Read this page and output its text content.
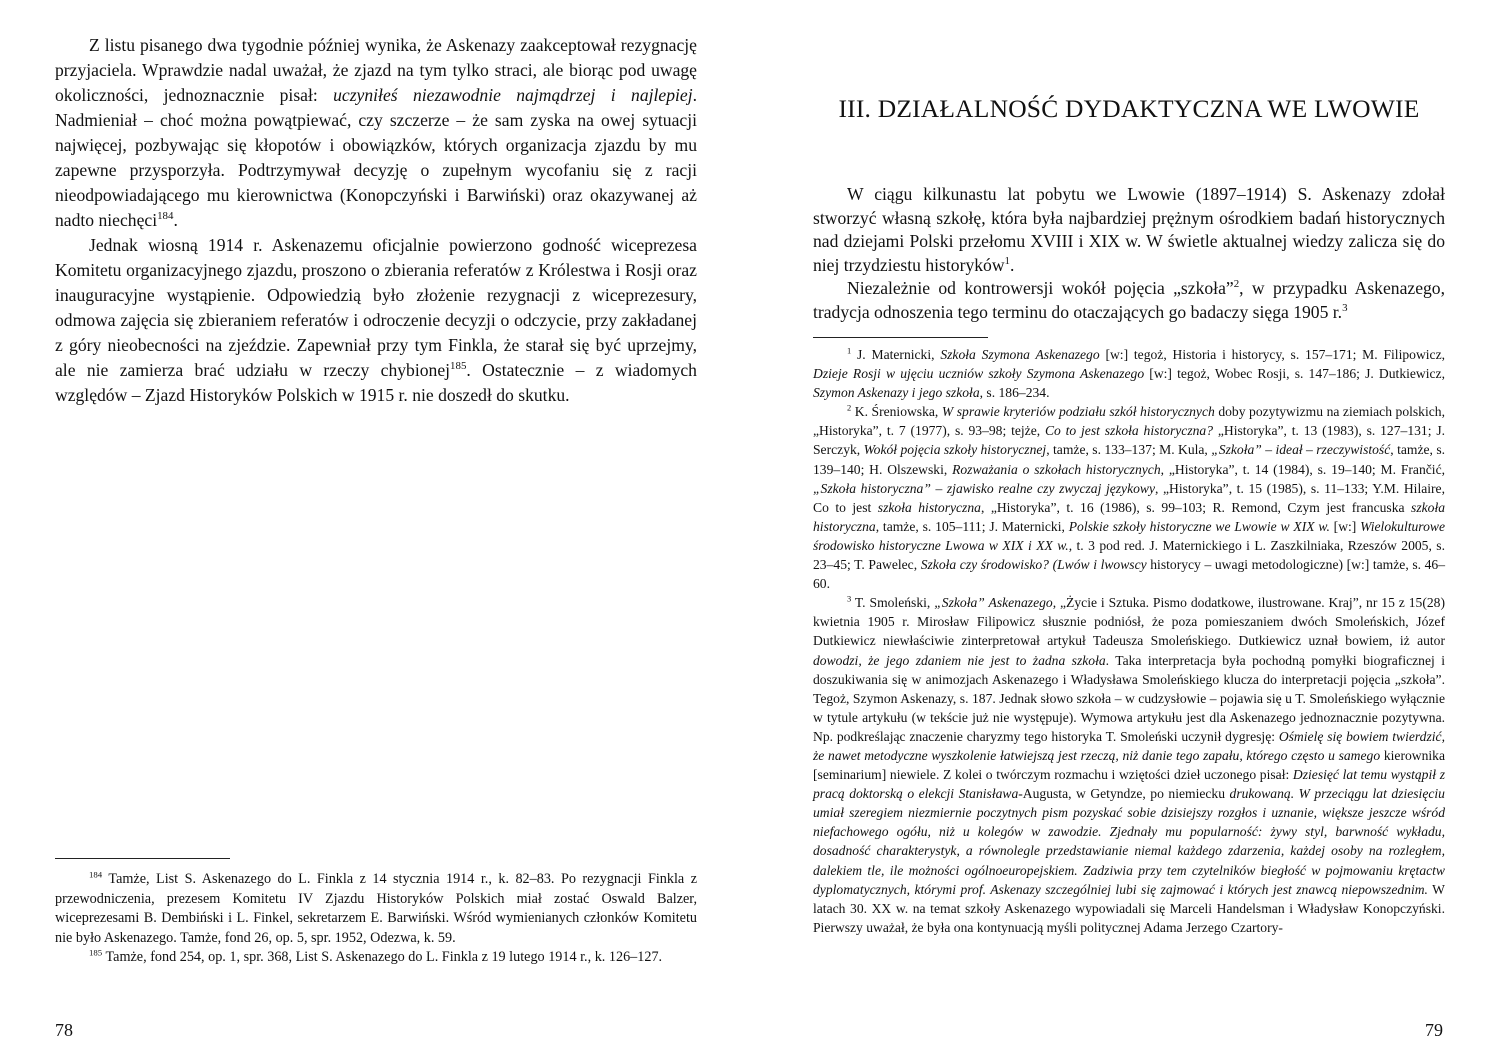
Z listu pisanego dwa tygodnie później wynika, że Askenazy zaakceptował rezygnację przyjaciela. Wprawdzie nadal uważał, że zjazd na tym tylko straci, ale biorąc pod uwagę okoliczności, jednoznacznie pisał: uczyniłeś niezawodnie najmądrzej i najlepiej. Nadmieniał – choć można powątpiewać, czy szczerze – że sam zyska na owej sytuacji najwięcej, pozbywając się kłopotów i obowiązków, których organizacja zjazdu by mu zapewne przysporzyła. Podtrzymywał decyzję o zupełnym wycofaniu się z racji nieodpowiadającego mu kierownictwa (Konopczyński i Barwiński) oraz okazywanej aż nadto niechęci$^{184}$.

Jednak wiosną 1914 r. Askenazemu oficjalnie powierzono godność wiceprezesa Komitetu organizacyjnego zjazdu, proszono o zbierania referatów z Królestwa i Rosji oraz inauguracyjne wystąpienie. Odpowiedzią było złożenie rezygnacji z wiceprezesury, odmowa zajęcia się zbieraniem referatów i odroczenie decyzji o odczycie, przy zakładanej z góry nieobecności na zjeździe. Zapewniał przy tym Finkla, że starał się być uprzejmy, ale nie zamierza brać udziału w rzeczy chybionej$^{185}$. Ostatecznie – z wiadomych względów – Zjazd Historyków Polskich w 1915 r. nie doszedł do skutku.

$^{184}$ Tamże, List S. Askenazego do L. Finkla z 14 stycznia 1914 r., k. 82–83. Po rezygnacji Finkla z przewodniczenia, prezesem Komitetu IV Zjazdu Historyków Polskich miał zostać Oswald Balzer, wiceprezesami B. Dembiński i L. Finkel, sekretarzem E. Barwiński. Wśród wymienianych członków Komitetu nie było Askenazego. Tamże, fond 26, op. 5, spr. 1952, Odezwa, k. 59.

$^{185}$ Tamże, fond 254, op. 1, spr. 368, List S. Askenazego do L. Finkla z 19 lutego 1914 r., k. 126–127.

78
III. DZIAŁALNOŚĆ DYDAKTYCZNA WE LWOWIE

W ciągu kilkunastu lat pobytu we Lwowie (1897–1914) S. Askenazy zdołał stworzyć własną szkołę, która była najbardziej prężnym ośrodkiem badań historycznych nad dziejami Polski przełomu XVIII i XIX w. W świetle aktualnej wiedzy zalicza się do niej trzydziestu historyków$^1$.

Niezależnie od kontrowersji wokół pojęcia „szkoła”$^2$, w przypadku Askenazego, tradycja odnoszenia tego terminu do otaczających go badaczy sięga 1905 r.$^3$

$^1$ J. Maternicki, Szkoła Szymona Askenazego [w:] tegoż, Historia i historycy, s. 157–171; M. Filipowicz, Dzieje Rosji w ujęciu uczniów szkoły Szymona Askenazego [w:] tegoż, Wobec Rosji, s. 147–186; J. Dutkiewicz, Szymon Askenazy i jego szkoła, s. 186–234.

$^2$ K. Śreniowska, W sprawie kryteriów podziału szkół historycznych doby pozytywizmu na ziemiach polskich, „Historyka”, t. 7 (1977), s. 93–98; tejże, Co to jest szkoła historyczna? „Historyka”, t. 13 (1983), s. 127–131; J. Serczyk, Wokół pojęcia szkoły historycznej, tamże, s. 133–137; M. Kula, „Szkoła” – ideał – rzeczywistość, tamże, s. 139–140; H. Olszewski, Rozważania o szkołach historycznych, „Historyka”, t. 14 (1984), s. 19–140; M. Frančić, „Szkoła historyczna” – zjawisko realne czy zwyczaj językowy, „Historyka”, t. 15 (1985), s. 11–133; Y.M. Hilaire, Co to jest szkoła historyczna, „Historyka”, t. 16 (1986), s. 99–103; R. Remond, Czym jest francuska szkoła historyczna, tamże, s. 105–111; J. Maternicki, Polskie szkoły historyczne we Lwowie w XIX w. [w:] Wielokulturowe środowisko historyczne Lwowa w XIX i XX w., t. 3 pod red. J. Maternickiego i L. Zaszkilniaka, Rzeszów 2005, s. 23–45; T. Pawelec, Szkoła czy środowisko? (Lwów i lwowscy historycy – uwagi metodologiczne) [w:] tamże, s. 46–60.

$^3$ T. Smoleński, „Szkoła” Askenazego, „Życie i Sztuka. Pismo dodatkowe, ilustrowane. Kraj”, nr 15 z 15(28) kwietnia 1905 r. Mirosław Filipowicz słusznie podniósł, że poza pomieszaniem dwóch Smoleńskich, Józef Dutkiewicz niewłaściwie zinterpretował artykuł Tadeusza Smoleńskiego. Dutkiewicz uznał bowiem, iż autor dowodzi, że jego zdaniem nie jest to żadna szkoła. Taka interpretacja była pochodną pomyłki biograficznej i doszukiwania się w animozjach Askenazego i Władysława Smoleńskiego klucza do interpretacji pojęcia „szkoła”. Tegoż, Szymon Askenazy, s. 187. Jednak słowo szkoła – w cudzysłowie – pojawia się u T. Smoleńskiego wyłącznie w tytule artykułu (w tekście już nie występuje). Wymowa artykułu jest dla Askenazego jednoznacznie pozytywna. Np. podkreślając znaczenie charyzmy tego historyka T. Smoleński uczynił dygresję: Ośmielę się bowiem twierdzić, że nawet metodyczne wyszkolenie łatwiejszą jest rzeczą, niż danie tego zapału, którego często u samego kierownika [seminarium] niewiele. Z kolei o twórczym rozmachu i wziętości dzieł uczonego pisał: Dziesięć lat temu wystąpił z pracą doktorską o elekcji Stanisława-Augusta, w Getyndze, po niemiecku drukowaną. W przeciągu lat dziesięciu umiał szeregiem niezmiernie poczytnych pism pozyskać sobie dzisiejszy rozgłos i uznanie, większe jeszcze wśród niefachowego ogółu, niż u kolegów w zawodzie. Zjednały mu popularność: żywy styl, barwność wykładu, dosadność charakterystyk, a równolegle przedstawianie niemal każdego zdarzenia, każdej osoby na rozległem, dalekiem tle, ile możności ogólnoeuropejskiem. Zadziwia przy tem czytelników biegłość w pojmowaniu krętactw dyplomatycznych, którymi prof. Askenazy szczególniej lubi się zajmować i których jest znawcą niepowszednim. W latach 30. XX w. na temat szkoły Askenazego wypowiadali się Marceli Handelsman i Władysław Konopczyński. Pierwszy uważał, że była ona kontynuacją myśli politycznej Adama Jerzego Czartory-

79
